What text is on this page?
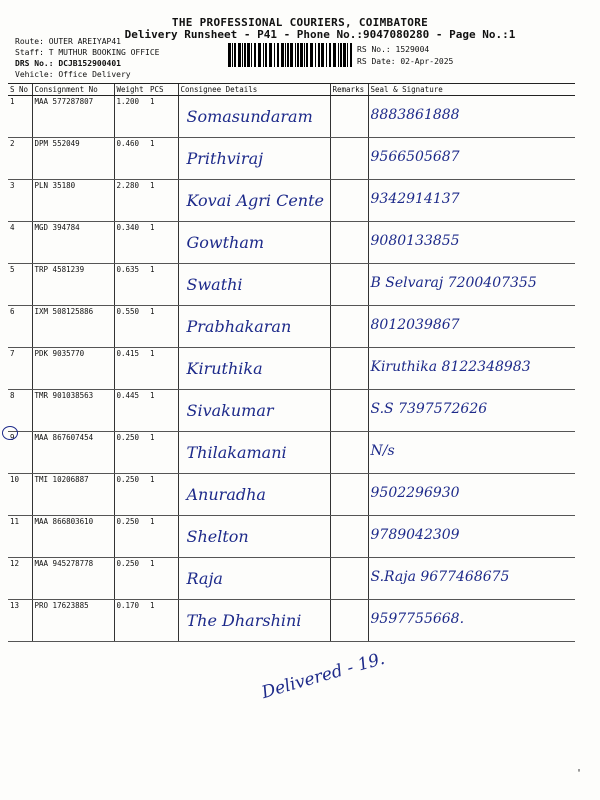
THE PROFESSIONAL COURIERS, COIMBATORE
Delivery Runsheet - P41 - Phone No.:9047080280 - Page No.:1
Route: OUTER AREIYAP41
Staff: T MUTHUR BOOKING OFFICE
DRS No.: DCJB152900401
Vehicle: Office Delivery
RS No.: 1529004
RS Date: 02-Apr-2025
S No	Consignment No	Weight	PCS	Consignee Details	Remarks	Seal & Signature
1	MAA 577287807	1.200	1	Somasundaram		8883861888
2	DPM 552049	0.460	1	Prithviraj		9566505687
3	PLN 35180	2.280	1	Kovai Agri Cente		9342914137
4	MGD 394784	0.340	1	Gowtham		9080133855
5	TRP 4581239	0.635	1	Swathi		B Selvaraj 7200407355
6	IXM 508125886	0.550	1	Prabhakaran		8012039867
7	PDK 9035770	0.415	1	Kiruthika		Kiruthika 8122348983
8	TMR 901038563	0.445	1	Sivakumar		S.S 7397572626
9	MAA 867607454	0.250	1	Thilakamani		N/s
10	TMI 10206887	0.250	1	Anuradha		9502296930
11	MAA 866803610	0.250	1	Shelton		9789042309
12	MAA 945278778	0.250	1	Raja		S.Raja 9677468675
13	PRO 17623885	0.170	1	The Dharshini		9597755668.
Delivered - 19.
'
